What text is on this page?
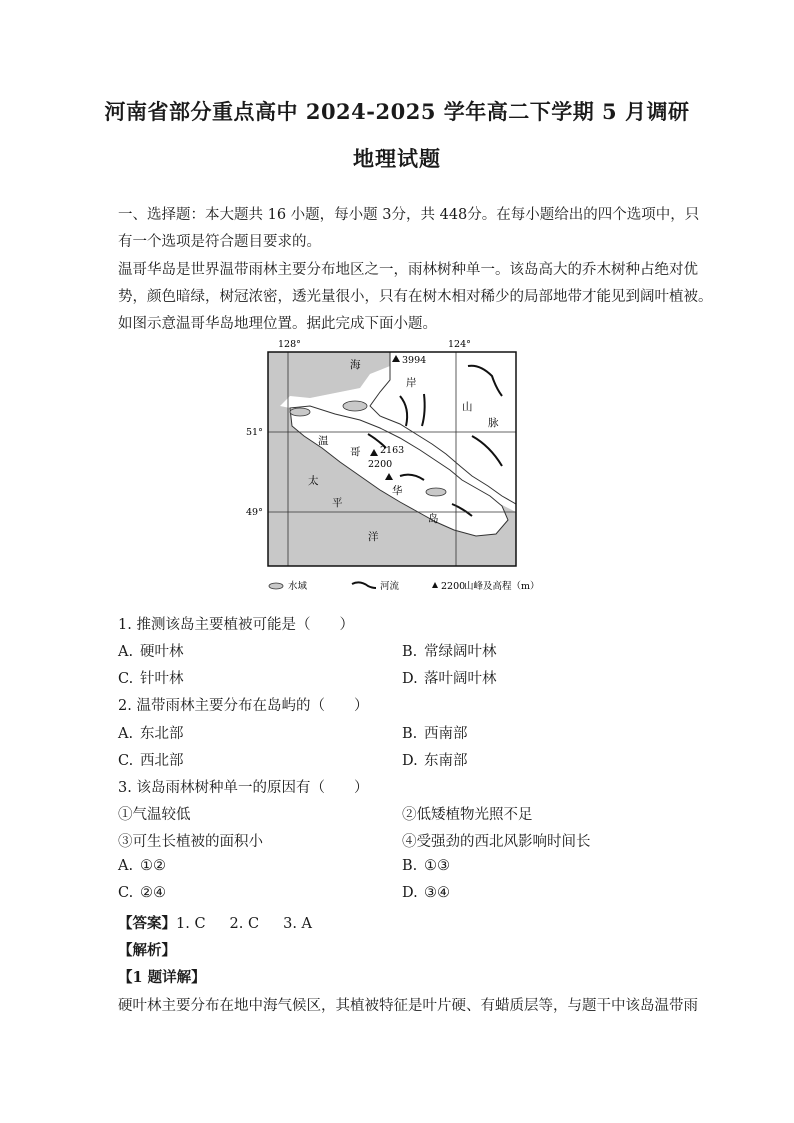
河南省部分重点高中 2024-2025 学年高二下学期 5 月调研
地理试题
一、选择题：本大题共 16 小题，每小题 3分，共 448分。在每小题给出的四个选项中，只
有一个选项是符合题目要求的。
温哥华岛是世界温带雨林主要分布地区之一，雨林树种单一。该岛高大的乔木树种占绝对优
势，颜色暗绿，树冠浓密，透光量很小，只有在树木相对稀少的局部地带才能见到阔叶植被。
如图示意温哥华岛地理位置。据此完成下面小题。
128°	124°
51°
49°
3994
2163
2200
海
岸
山
脉
温
哥
华
岛
太
平
洋
水域	河流	2200
山峰及高程（m）
1. 推测该岛主要植被可能是（　　）
A. 硬叶林	B. 常绿阔叶林
C. 针叶林	D. 落叶阔叶林
2. 温带雨林主要分布在岛屿的（　　）
A. 东北部	B. 西南部
C. 西北部	D. 东南部
3. 该岛雨林树种单一的原因有（　　）
①气温较低	②低矮植物光照不足
③可生长植被的面积小	④受强劲的西北风影响时间长
A. ①②	B. ①③
C. ②④	D. ③④
【答案】1. C 2. C 3. A
【解析】
【1 题详解】
硬叶林主要分布在地中海气候区，其植被特征是叶片硬、有蜡质层等，与题干中该岛温带雨
